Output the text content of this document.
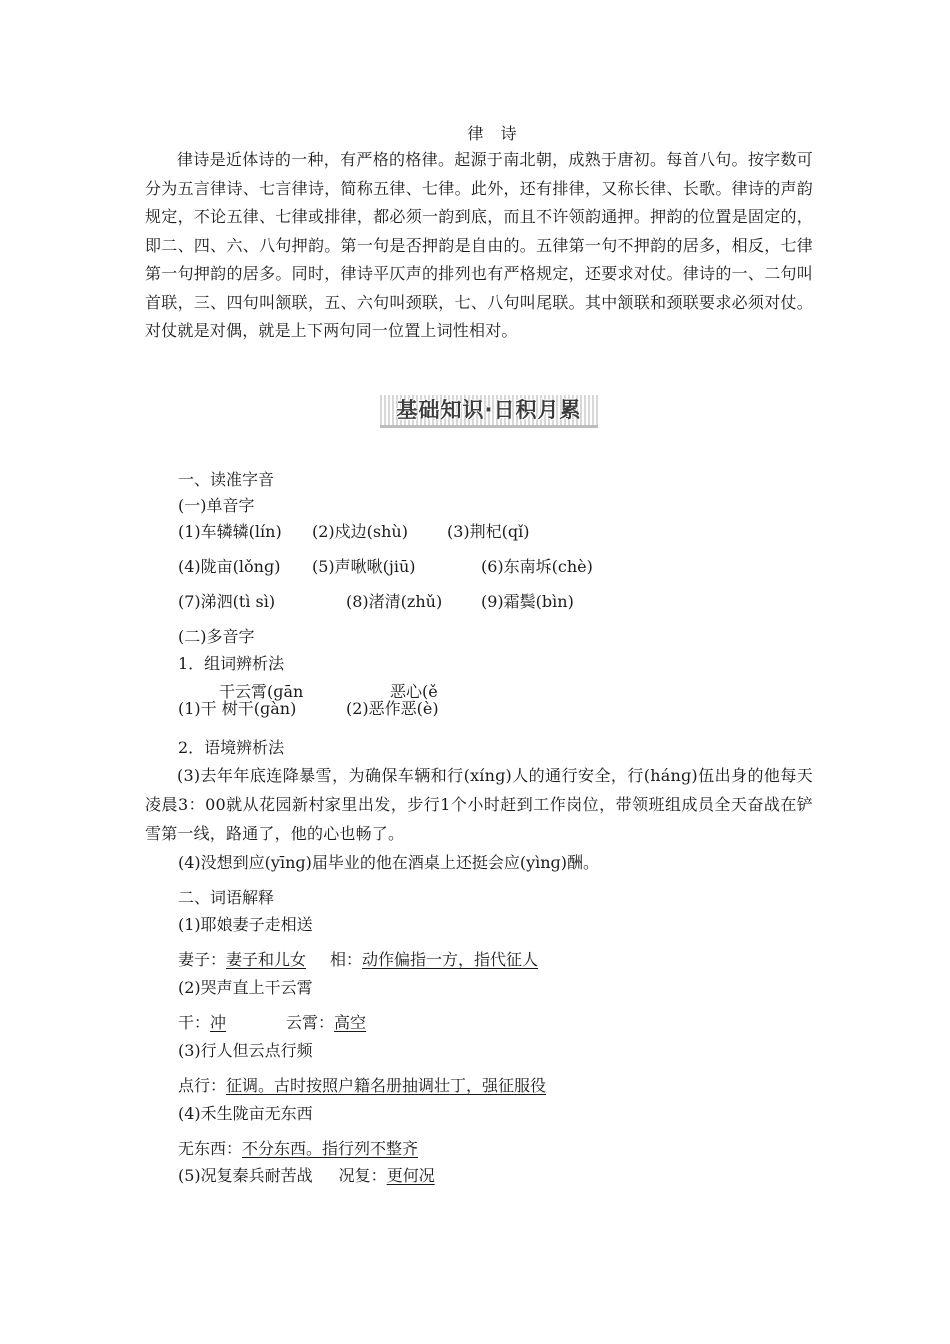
律 诗

律诗是近体诗的一种，有严格的格律。起源于南北朝，成熟于唐初。每首八句。按字数可分为五言律诗、七言律诗，简称五律、七律。此外，还有排律，又称长律、长歌。律诗的声韵规定，不论五律、七律或排律，都必须一韵到底，而且不许领韵通押。押韵的位置是固定的，即二、四、六、八句押韵。第一句是否押韵是自由的。五律第一句不押韵的居多，相反，七律第一句押韵的居多。同时，律诗平仄声的排列也有严格规定，还要求对仗。律诗的一、二句叫首联，三、四句叫颔联，五、六句叫颈联，七、八句叫尾联。其中颔联和颈联要求必须对仗。对仗就是对偶，就是上下两句同一位置上词性相对。

基础知识·日积月累
一、读准字音
(一)单音字
(1)车辚辚(lín) (2)戍边(shù) (3)荆杞(qǐ)
(4)陇亩(lǒnɡ) (5)声啾啾(jiū)	(6)东南坼(chè)
(7)涕泗(tì sì)	(8)渚清(zhǔ) (9)霜鬓(bìn)
(二)多音字
1．组词辨析法
干云霄(ɡān
(1)干 树干(ɡàn)
恶心(ě
(2)恶作恶(è)
2．语境辨析法

(3)去年年底连降暴雪，为确保车辆和行(xínɡ)人的通行安全，行(hánɡ)伍出身的他每天凌晨3：00就从花园新村家里出发，步行1个小时赶到工作岗位，带领班组成员全天奋战在铲雪第一线，路通了，他的心也畅了。

(4)没想到应(yīnɡ)届毕业的他在酒桌上还挺会应(yìnɡ)酬。
二、词语解释
(1)耶娘妻子走相送
妻子：妻子和儿女 相：动作偏指一方，指代征人
(2)哭声直上干云霄
干：冲	云霄：高空
(3)行人但云点行频
点行：征调。古时按照户籍名册抽调壮丁，强征服役
(4)禾生陇亩无东西
无东西：不分东西。指行列不整齐
(5)况复秦兵耐苦战 况复：更何况
